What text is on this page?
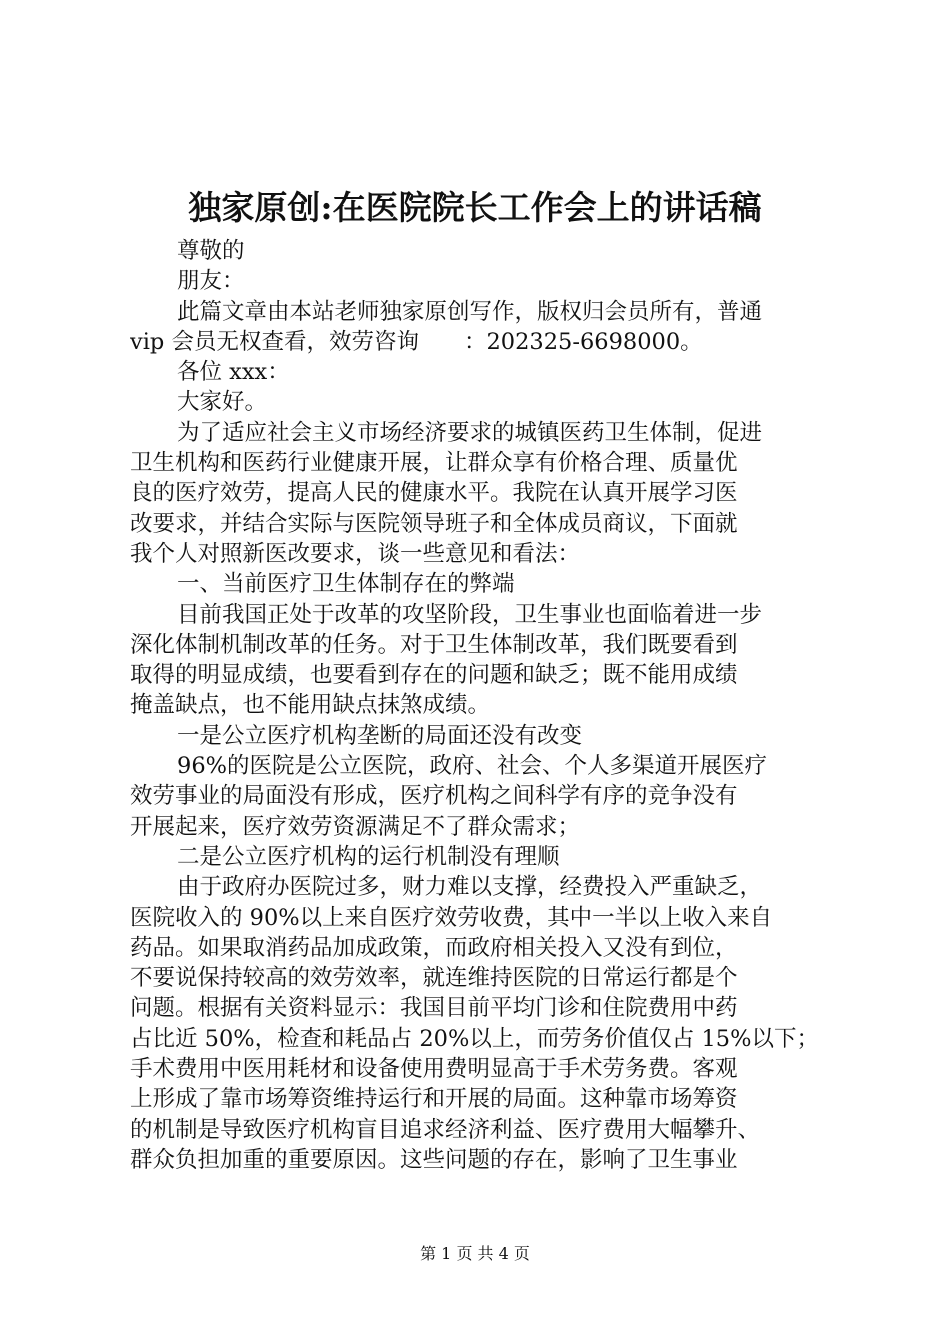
独家原创:在医院院长工作会上的讲话稿
尊敬的
朋友：
此篇文章由本站老师独家原创写作，版权归会员所有，普通
vip 会员无权查看，效劳咨询　　：202325-6698000。
各位 xxx：
大家好。
为了适应社会主义市场经济要求的城镇医药卫生体制，促进
卫生机构和医药行业健康开展，让群众享有价格合理、质量优
良的医疗效劳，提高人民的健康水平。我院在认真开展学习医
改要求，并结合实际与医院领导班子和全体成员商议，下面就
我个人对照新医改要求，谈一些意见和看法：
一、当前医疗卫生体制存在的弊端
目前我国正处于改革的攻坚阶段，卫生事业也面临着进一步
深化体制机制改革的任务。对于卫生体制改革，我们既要看到
取得的明显成绩，也要看到存在的问题和缺乏；既不能用成绩
掩盖缺点，也不能用缺点抹煞成绩。
一是公立医疗机构垄断的局面还没有改变
96%的医院是公立医院，政府、社会、个人多渠道开展医疗
效劳事业的局面没有形成，医疗机构之间科学有序的竞争没有
开展起来，医疗效劳资源满足不了群众需求；
二是公立医疗机构的运行机制没有理顺
由于政府办医院过多，财力难以支撑，经费投入严重缺乏，
医院收入的 90%以上来自医疗效劳收费，其中一半以上收入来自
药品。如果取消药品加成政策，而政府相关投入又没有到位，
不要说保持较高的效劳效率，就连维持医院的日常运行都是个
问题。根据有关资料显示：我国目前平均门诊和住院费用中药
占比近 50%，检查和耗品占 20%以上，而劳务价值仅占 15%以下；
手术费用中医用耗材和设备使用费明显高于手术劳务费。客观
上形成了靠市场筹资维持运行和开展的局面。这种靠市场筹资
的机制是导致医疗机构盲目追求经济利益、医疗费用大幅攀升、
群众负担加重的重要原因。这些问题的存在，影响了卫生事业
第 1 页 共 4 页
